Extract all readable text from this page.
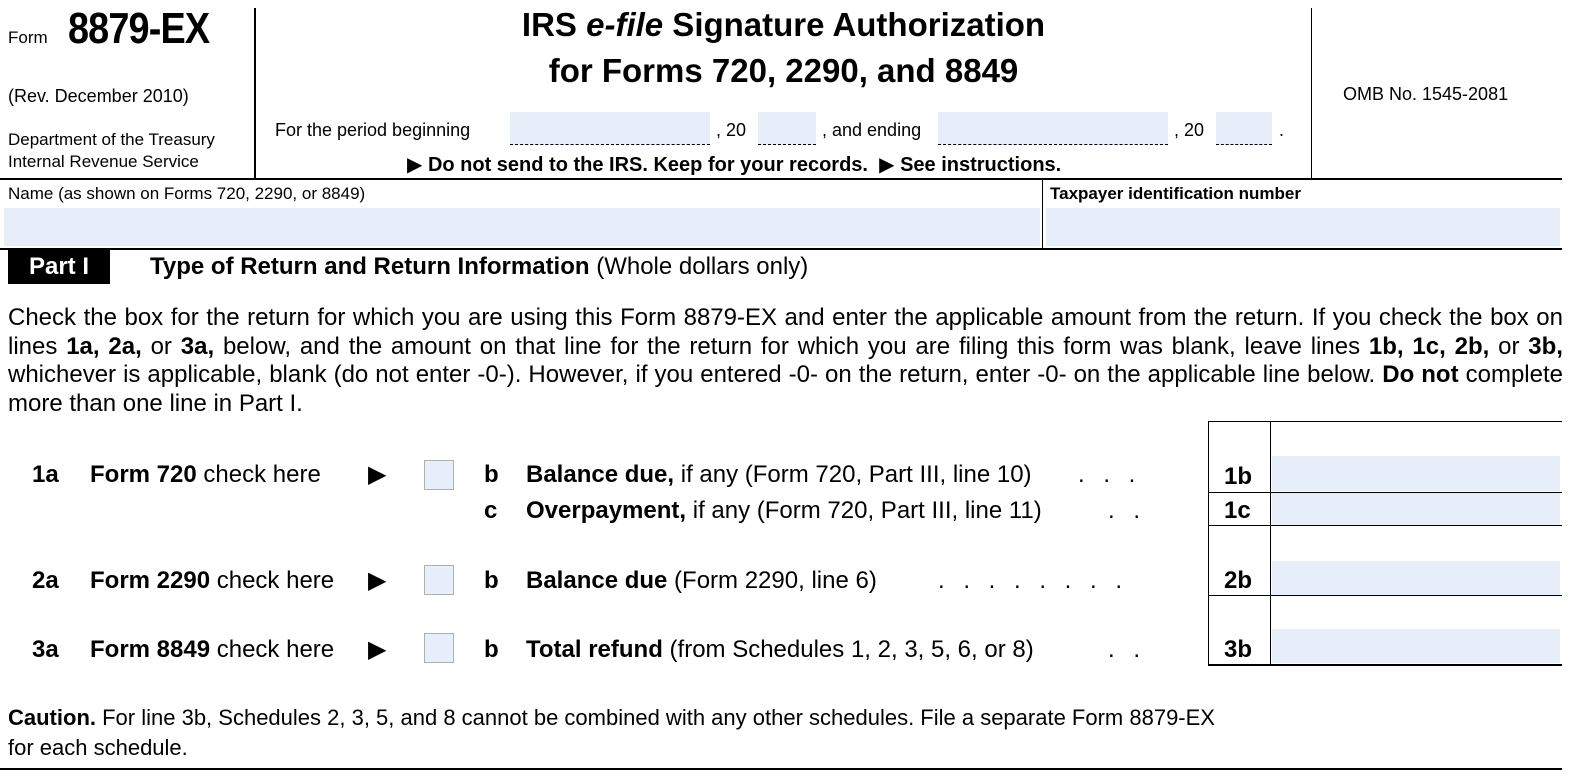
Form 8879-EX
(Rev. December 2010)
Department of the Treasury
Internal Revenue Service
IRS e-file Signature Authorization
for Forms 720, 2290, and 8849
For the period beginning	, 20	, and ending	, 20	.
▶ Do not send to the IRS. Keep for your records. ▶ See instructions.
OMB No. 1545-2081
Name (as shown on Forms 720, 2290, or 8849)	Taxpayer identification number
Part I	Type of Return and Return Information (Whole dollars only)
Check the box for the return for which you are using this Form 8879-EX and enter the applicable amount from the return. If you check the box on lines 1a, 2a, or 3a, below, and the amount on that line for the return for which you are filing this form was blank, leave lines 1b, 1c, 2b, or 3b, whichever is applicable, blank (do not enter -0-). However, if you entered -0- on the return, enter -0- on the applicable line below. Do not complete more than one line in Part I.
1a Form 720 check here ▶	b Balance due, if any (Form 720, Part III, line 10) . . .	1b
c Overpayment, if any (Form 720, Part III, line 11)	. .	1c
2a Form 2290 check here ▶	b Balance due (Form 2290, line 6)	. . . . . . . .	2b
3a Form 8849 check here ▶	b Total refund (from Schedules 1, 2, 3, 5, 6, or 8)	. .	3b
Caution. For line 3b, Schedules 2, 3, 5, and 8 cannot be combined with any other schedules. File a separate Form 8879-EX
for each schedule.
